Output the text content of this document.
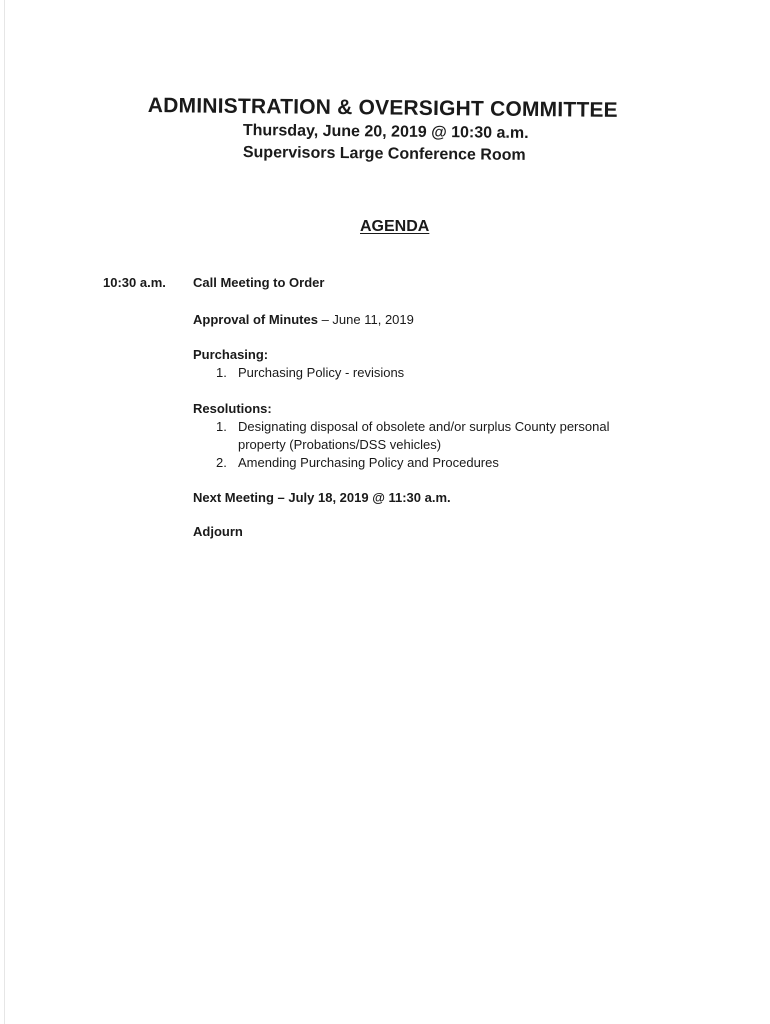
ADMINISTRATION & OVERSIGHT COMMITTEE
Thursday, June 20, 2019 @ 10:30 a.m.
Supervisors Large Conference Room
AGENDA
10:30 a.m. Call Meeting to Order
Approval of Minutes – June 11, 2019
Purchasing:
1. Purchasing Policy - revisions
Resolutions:
1. Designating disposal of obsolete and/or surplus County personal
property (Probations/DSS vehicles)
2. Amending Purchasing Policy and Procedures
Next Meeting – July 18, 2019 @ 11:30 a.m.
Adjourn
